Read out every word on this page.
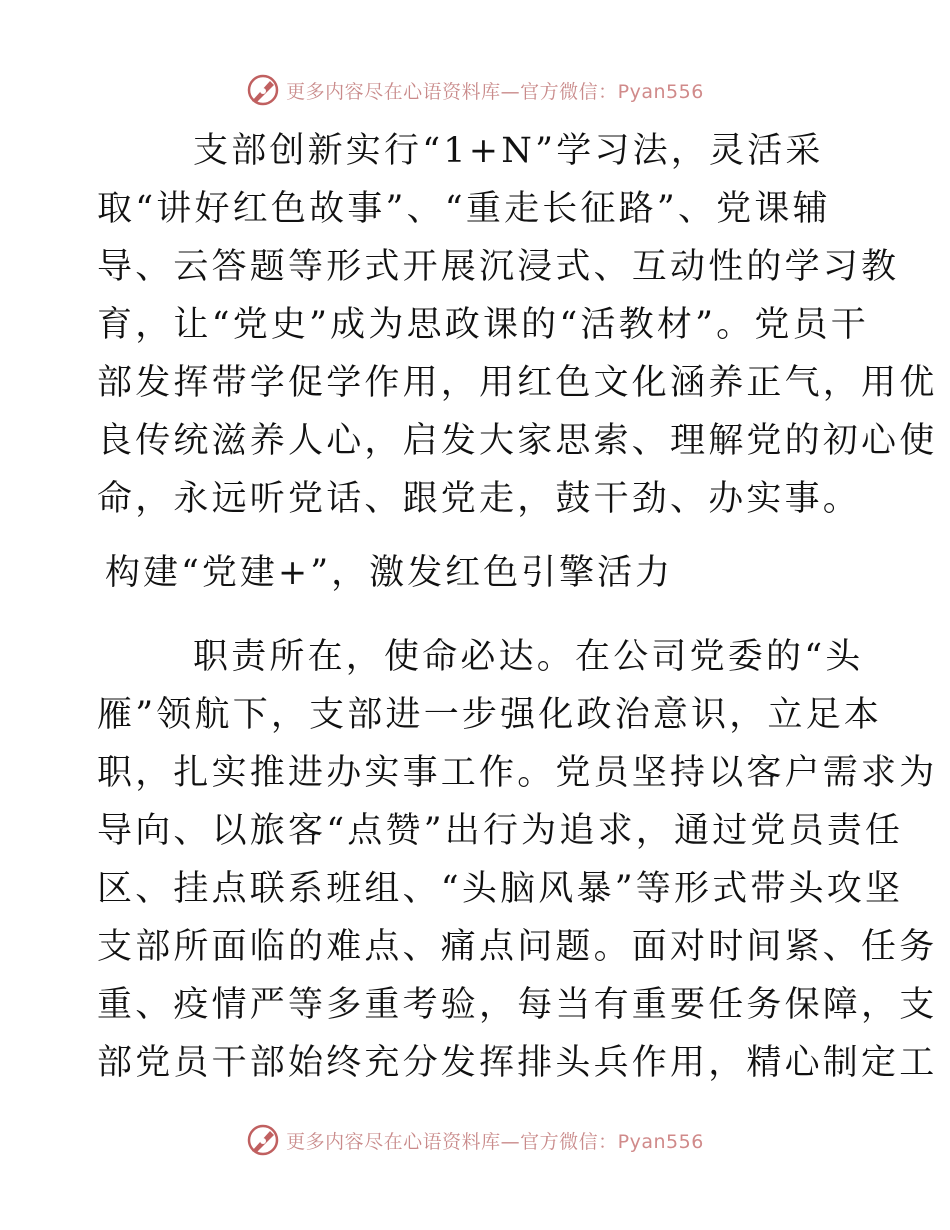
更多内容尽在心语资料库—官方微信：Pyan556
支部创新实行“1+N”学习法，灵活采
取“讲好红色故事”、“重走长征路”、党课辅
导、云答题等形式开展沉浸式、互动性的学习教
育，让“党史”成为思政课的“活教材”。党员干
部发挥带学促学作用，用红色文化涵养正气，用优
良传统滋养人心，启发大家思索、理解党的初心使
命，永远听党话、跟党走，鼓干劲、办实事。
构建“党建+”，激发红色引擎活力
职责所在，使命必达。在公司党委的“头
雁”领航下，支部进一步强化政治意识，立足本
职，扎实推进办实事工作。党员坚持以客户需求为
导向、以旅客“点赞”出行为追求，通过党员责任
区、挂点联系班组、“头脑风暴”等形式带头攻坚
支部所面临的难点、痛点问题。面对时间紧、任务
重、疫情严等多重考验，每当有重要任务保障，支
部党员干部始终充分发挥排头兵作用，精心制定工
更多内容尽在心语资料库—官方微信：Pyan556
